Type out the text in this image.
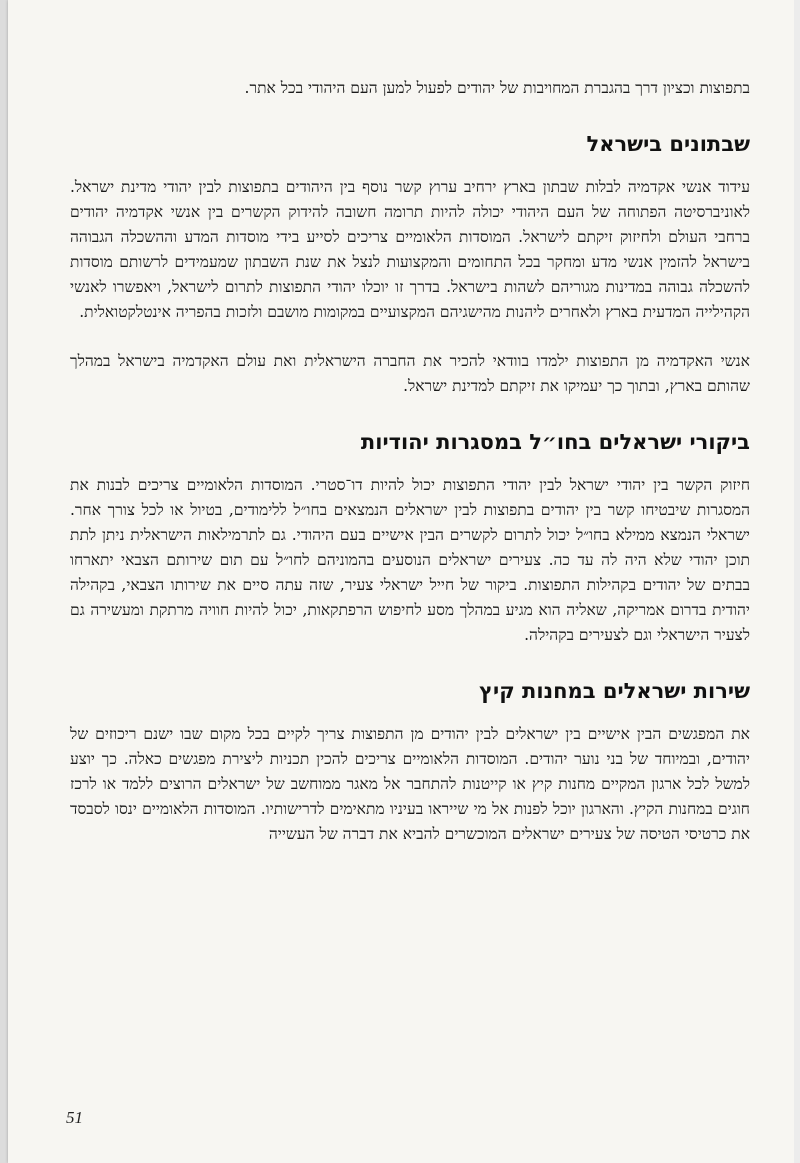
בתפוצות וכציון דרך בהגברת המחויבות של יהודים לפעול למען העם היהודי בכל אתר.

שבתונים בישראל

עידוד אנשי אקדמיה לבלות שבתון בארץ ירחיב ערוץ קשר נוסף בין היהודים בתפוצות לבין יהודי מדינת ישראל. לאוניברסיטה הפתוחה של העם היהודי יכולה להיות תרומה חשובה להידוק הקשרים בין אנשי אקדמיה יהודים ברחבי העולם ולחיזוק זיקתם לישראל. המוסדות הלאומיים צריכים לסייע בידי מוסדות המדע וההשכלה הגבוהה בישראל להזמין אנשי מדע ומחקר בכל התחומים והמקצועות לנצל את שנת השבתון שמעמידים לרשותם מוסדות להשכלה גבוהה במדינות מגוריהם לשהות בישראל. בדרך זו יוכלו יהודי התפוצות לתרום לישראל, ויאפשרו לאנשי הקהילייה המדעית בארץ ולאחרים ליהנות מהישגיהם המקצועיים במקומות מושבם ולזכות בהפריה אינטלקטואלית.

אנשי האקדמיה מן התפוצות ילמדו בוודאי להכיר את החברה הישראלית ואת עולם האקדמיה בישראל במהלך שהותם בארץ, ובתוך כך יעמיקו את זיקתם למדינת ישראל.

ביקורי ישראלים בחו״ל במסגרות יהודיות

חיזוק הקשר בין יהודי ישראל לבין יהודי התפוצות יכול להיות דו־סטרי. המוסדות הלאומיים צריכים לבנות את המסגרות שיבטיחו קשר בין יהודים בתפוצות לבין ישראלים הנמצאים בחו״ל ללימודים, בטיול או לכל צורך אחר. ישראלי הנמצא ממילא בחו״ל יכול לתרום לקשרים הבין אישיים בעם היהודי. גם לתרמילאות הישראלית ניתן לתת תוכן יהודי שלא היה לה עד כה. צעירים ישראלים הנוסעים בהמוניהם לחו״ל עם תום שירותם הצבאי יתארחו בבתים של יהודים בקהילות התפוצות. ביקור של חייל ישראלי צעיר, שזה עתה סיים את שירותו הצבאי, בקהילה יהודית בדרום אמריקה, שאליה הוא מגיע במהלך מסע לחיפוש הרפתקאות, יכול להיות חוויה מרתקת ומעשירה גם לצעיר הישראלי וגם לצעירים בקהילה.

שירות ישראלים במחנות קיץ

את המפגשים הבין אישיים בין ישראלים לבין יהודים מן התפוצות צריך לקיים בכל מקום שבו ישנם ריכוזים של יהודים, ובמיוחד של בני נוער יהודים. המוסדות הלאומיים צריכים להכין תכניות ליצירת מפגשים כאלה. כך יוצע למשל לכל ארגון המקיים מחנות קיץ או קייטנות להתחבר אל מאגר ממוחשב של ישראלים הרוצים ללמד או לרכז חוגים במחנות הקיץ. והארגון יוכל לפנות אל מי שייראו בעיניו מתאימים לדרישותיו. המוסדות הלאומיים ינסו לסבסד את כרטיסי הטיסה של צעירים ישראלים המוכשרים להביא את דברה של העשייה

51
